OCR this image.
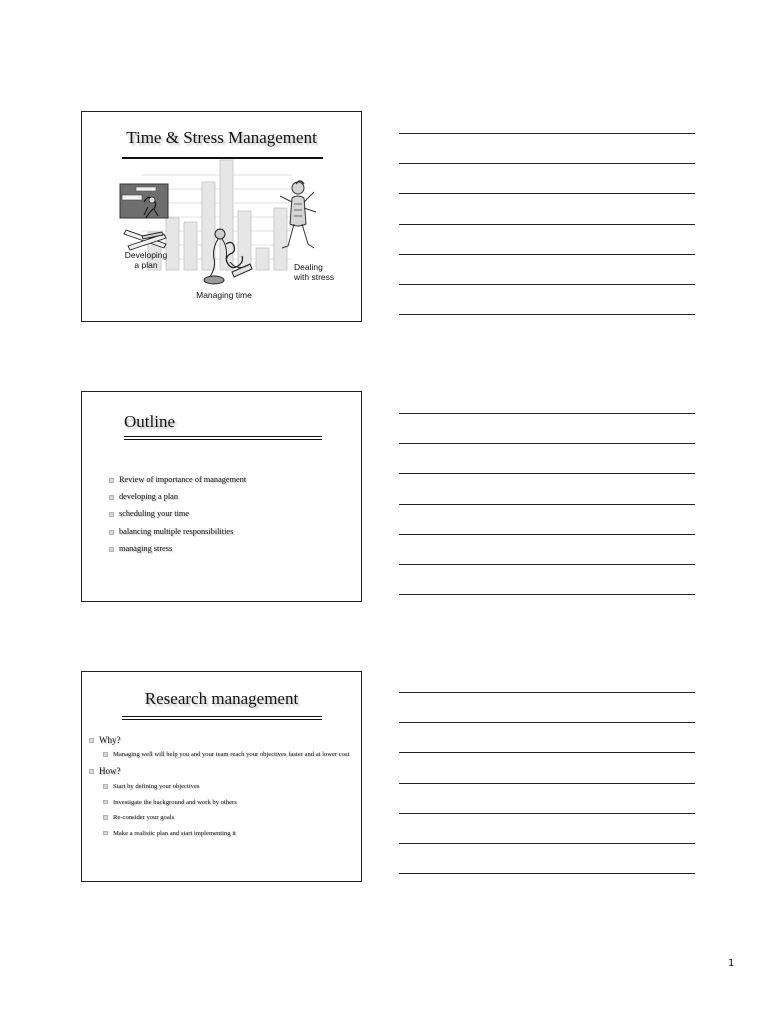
Time & Stress Management
Developing
a plan	Dealing
with stress
Managing time
Outline
Review of importance of management
developing a plan
scheduling your time
balancing multiple responsibilities
managing stress
Research management
Why?
Managing well will help you and your team reach your objectives faster and at lower cost
How?
Start by defining your objectives
Investigate the background and work by others
Re-consider your goals
Make a realistic plan and start implementing it
1
